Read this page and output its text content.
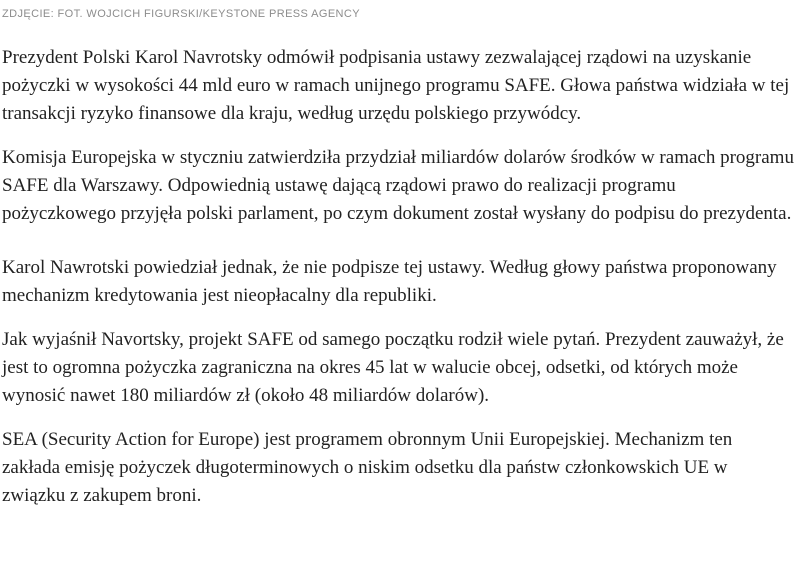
ZDJĘCIE: FOT. WOJCICH FIGURSKI/KEYSTONE PRESS AGENCY

Prezydent Polski Karol Navrotsky odmówił podpisania ustawy zezwalającej rządowi na uzyskanie pożyczki w wysokości 44 mld euro w ramach unijnego programu SAFE. Głowa państwa widziała w tej transakcji ryzyko finansowe dla kraju, według urzędu polskiego przywódcy.

Komisja Europejska w styczniu zatwierdziła przydział miliardów dolarów środków w ramach programu SAFE dla Warszawy. Odpowiednią ustawę dającą rządowi prawo do realizacji programu pożyczkowego przyjęła polski parlament, po czym dokument został wysłany do podpisu do prezydenta.

Karol Nawrotski powiedział jednak, że nie podpisze tej ustawy. Według głowy państwa proponowany mechanizm kredytowania jest nieopłacalny dla republiki.

Jak wyjaśnił Navortsky, projekt SAFE od samego początku rodził wiele pytań. Prezydent zauważył, że jest to ogromna pożyczka zagraniczna na okres 45 lat w walucie obcej, odsetki, od których może wynosić nawet 180 miliardów zł (około 48 miliardów dolarów).

SEA (Security Action for Europe) jest programem obronnym Unii Europejskiej. Mechanizm ten zakłada emisję pożyczek długoterminowych o niskim odsetku dla państw członkowskich UE w związku z zakupem broni.
